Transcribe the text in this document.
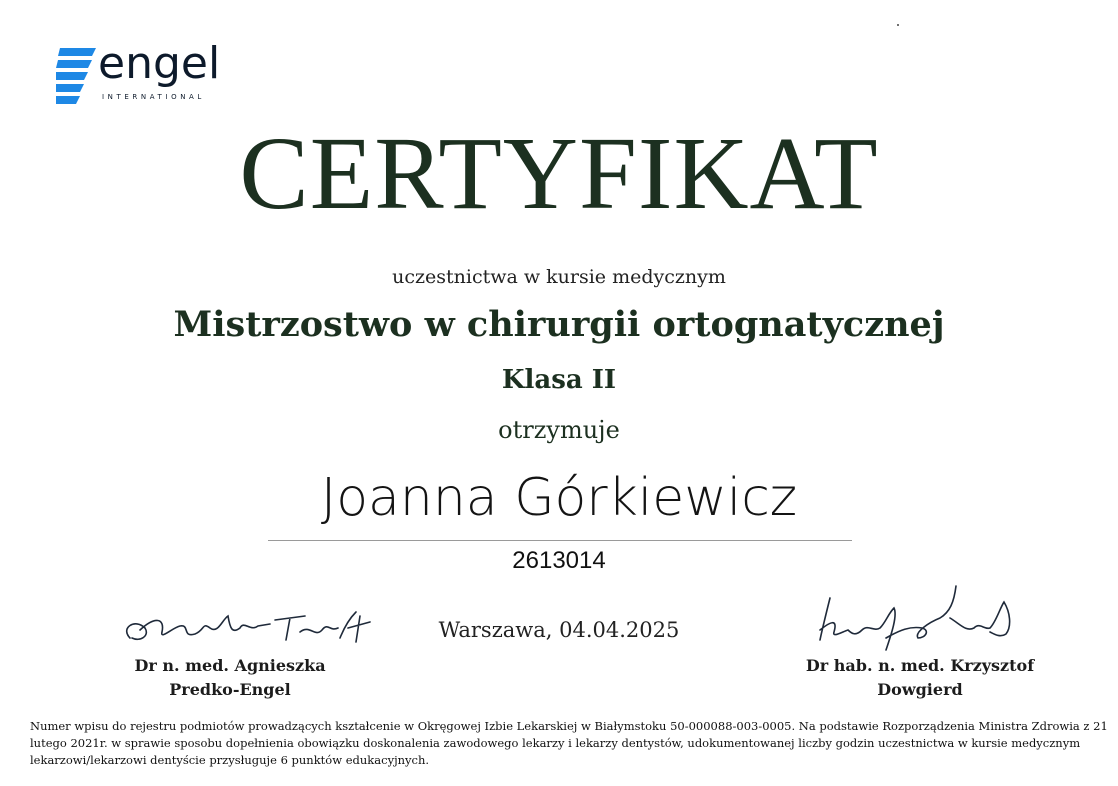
engel
INTERNATIONAL
CERTYFIKAT
uczestnictwa w kursie medycznym
Mistrzostwo w chirurgii ortognatycznej
Klasa II
otrzymuje
Joanna Górkiewicz
2613014
Warszawa, 04.04.2025
Dr n. med. Agnieszka
Predko-Engel
Dr hab. n. med. Krzysztof
Dowgierd
Numer wpisu do rejestru podmiotów prowadzących kształcenie w Okręgowej Izbie Lekarskiej w Białymstoku 50-000088-003-0005. Na podstawie Rozporządzenia Ministra Zdrowia z 21 lutego 2021r. w sprawie sposobu dopełnienia obowiązku doskonalenia zawodowego lekarzy i lekarzy dentystów, udokumentowanej liczby godzin uczestnictwa w kursie medycznym lekarzowi/lekarzowi dentyście przysługuje 6 punktów edukacyjnych.
